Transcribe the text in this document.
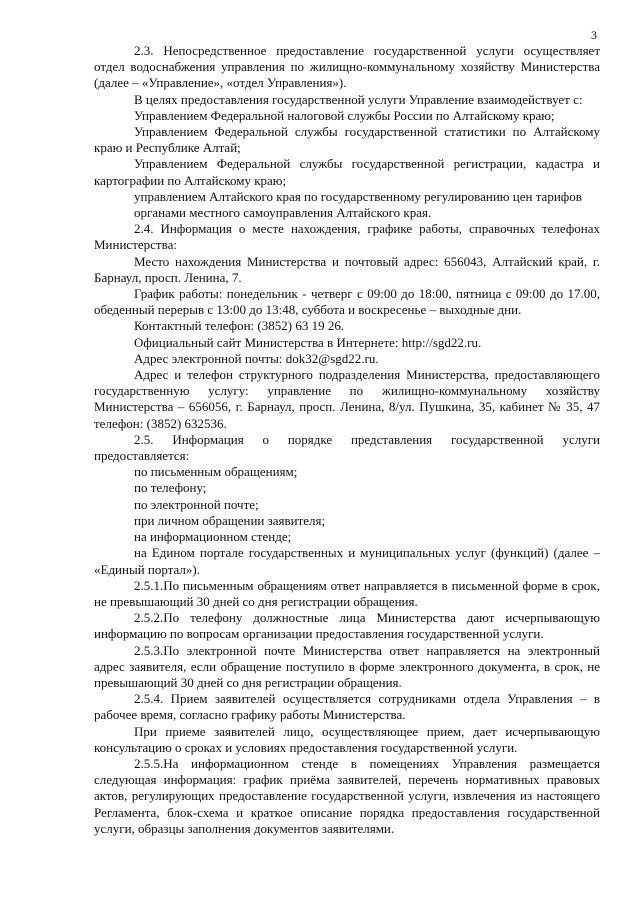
3

2.3. Непосредственное предоставление государственной услуги осуществляет отдел водоснабжения управления по жилищно-коммунальному хозяйству Министерства (далее – «Управление», «отдел Управления»).

В целях предоставления государственной услуги Управление взаимодействует с:

Управлением Федеральной налоговой службы России по Алтайскому краю;

Управлением Федеральной службы государственной статистики по Алтайскому краю и Республике Алтай;

Управлением Федеральной службы государственной регистрации, кадастра и картографии по Алтайскому краю;

управлением Алтайского края по государственному регулированию цен тарифов

органами местного самоуправления Алтайского края.

2.4. Информация о месте нахождения, графике работы, справочных телефонах Министерства:

Место нахождения Министерства и почтовый адрес: 656043, Алтайский край, г. Барнаул, просп. Ленина, 7.

График работы: понедельник - четверг с 09:00 до 18:00, пятница с 09:00 до 17.00, обеденный перерыв с 13:00 до 13:48, суббота и воскресенье – выходные дни.

Контактный телефон: (3852) 63 19 26.

Официальный сайт Министерства в Интернете: http://sgd22.ru.

Адрес электронной почты: dok32@sgd22.ru.

Адрес и телефон структурного подразделения Министерства, предоставляющего государственную услугу: управление по жилищно-коммунальному хозяйству Министерства – 656056, г. Барнаул, просп. Ленина, 8/ул. Пушкина, 35, кабинет № 35, 47 телефон: (3852) 632536.

2.5. Информация о порядке представления государственной услуги предоставляется:

по письменным обращениям;

по телефону;

по электронной почте;

при личном обращении заявителя;

на информационном стенде;

на Едином портале государственных и муниципальных услуг (функций) (далее – «Единый портал»).

2.5.1.По письменным обращениям ответ направляется в письменной форме в срок, не превышающий 30 дней со дня регистрации обращения.

2.5.2.По телефону должностные лица Министерства дают исчерпывающую информацию по вопросам организации предоставления государственной услуги.

2.5.3.По электронной почте Министерства ответ направляется на электронный адрес заявителя, если обращение поступило в форме электронного документа, в срок, не превышающий 30 дней со дня регистрации обращения.

2.5.4. Прием заявителей осуществляется сотрудниками отдела Управления – в рабочее время, согласно графику работы Министерства.

При приеме заявителей лицо, осуществляющее прием, дает исчерпывающую консультацию о сроках и условиях предоставления государственной услуги.

2.5.5.На информационном стенде в помещениях Управления размещается следующая информация: график приёма заявителей, перечень нормативных правовых актов, регулирующих предоставление государственной услуги, извлечения из настоящего Регламента, блок-схема и краткое описание порядка предоставления государственной услуги, образцы заполнения документов заявителями.
